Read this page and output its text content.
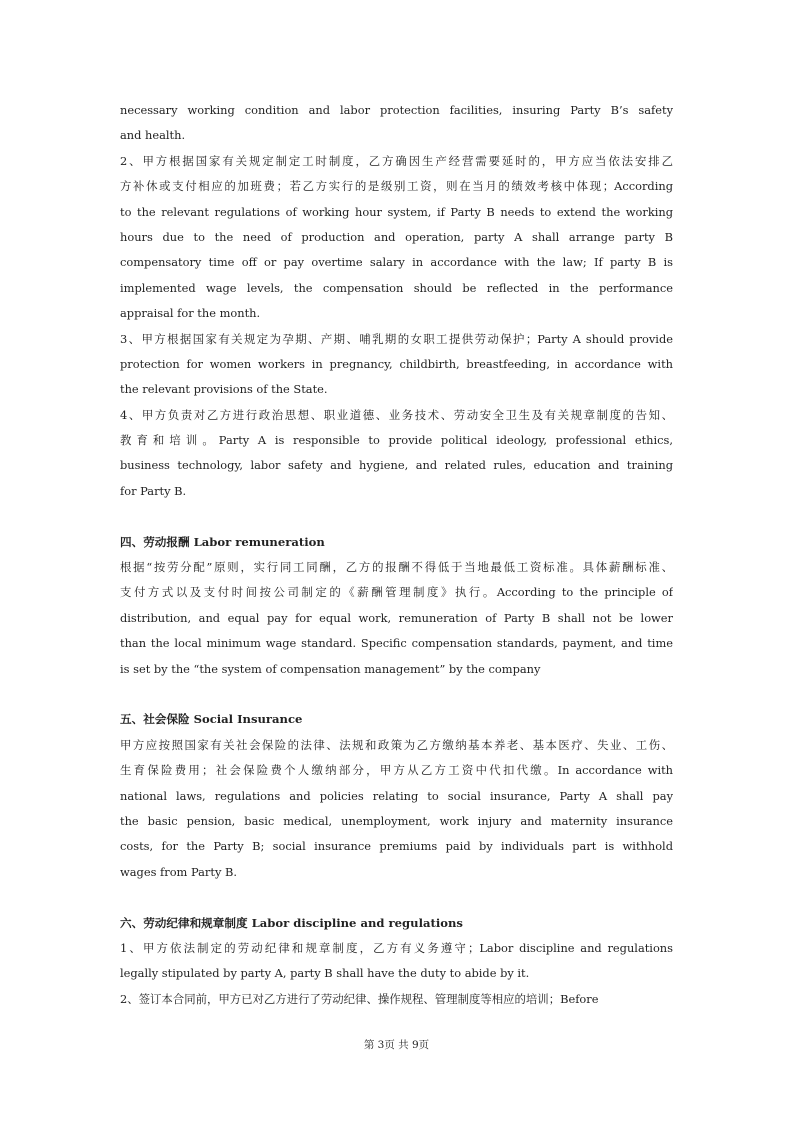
necessary working condition and labor protection facilities, insuring Party B’s safety
and health.
2、甲方根据国家有关规定制定工时制度，乙方确因生产经营需要延时的，甲方应当依法安排乙
方补休或支付相应的加班费；若乙方实行的是级别工资，则在当月的绩效考核中体现；According
to the relevant regulations of working hour system, if Party B needs to extend the working
hours due to the need of production and operation, party A shall arrange party B
compensatory time off or pay overtime salary in accordance with the law; If party B is
implemented wage levels, the compensation should be reflected in the performance
appraisal for the month.
3、甲方根据国家有关规定为孕期、产期、哺乳期的女职工提供劳动保护；Party A should provide
protection for women workers in pregnancy, childbirth, breastfeeding, in accordance with
the relevant provisions of the State.
4、甲方负责对乙方进行政治思想、职业道德、业务技术、劳动安全卫生及有关规章制度的告知、
教育和培训。Party A is responsible to provide political ideology, professional ethics,
business technology, labor safety and hygiene, and related rules, education and training
for Party B.
四、劳动报酬 Labor remuneration
根据“按劳分配”原则，实行同工同酬，乙方的报酬不得低于当地最低工资标准。具体薪酬标准、
支付方式以及支付时间按公司制定的《薪酬管理制度》执行。According to the principle of
distribution, and equal pay for equal work, remuneration of Party B shall not be lower
than the local minimum wage standard. Specific compensation standards, payment, and time
is set by the “the system of compensation management” by the company
五、社会保险 Social Insurance
甲方应按照国家有关社会保险的法律、法规和政策为乙方缴纳基本养老、基本医疗、失业、工伤、
生育保险费用；社会保险费个人缴纳部分，甲方从乙方工资中代扣代缴。In accordance with
national laws, regulations and policies relating to social insurance, Party A shall pay
the basic pension, basic medical, unemployment, work injury and maternity insurance
costs, for the Party B; social insurance premiums paid by individuals part is withhold
wages from Party B.
六、劳动纪律和规章制度 Labor discipline and regulations
1、甲方依法制定的劳动纪律和规章制度，乙方有义务遵守；Labor discipline and regulations
legally stipulated by party A, party B shall have the duty to abide by it.
2、签订本合同前，甲方已对乙方进行了劳动纪律、操作规程、管理制度等相应的培训；Before
第 3页 共 9页
